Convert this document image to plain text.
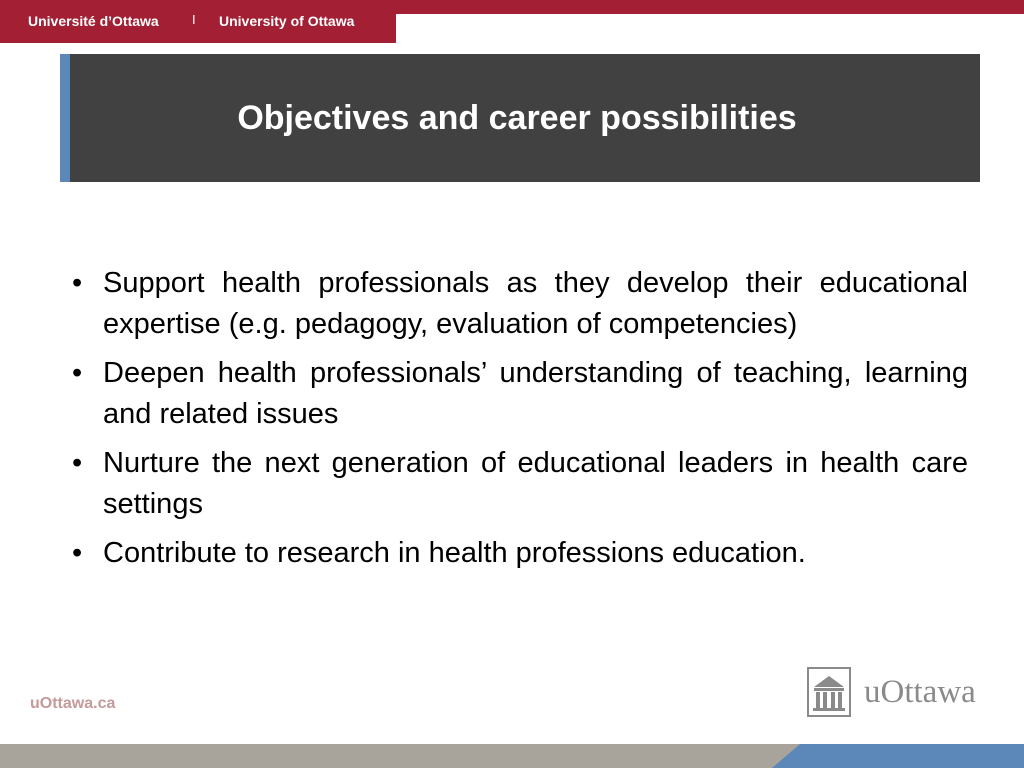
Université d’Ottawa	I University of Ottawa
Objectives and career possibilities
• Support health professionals as they develop their educational expertise (e.g. pedagogy, evaluation of competencies)
• Deepen health professionals’ understanding of teaching, learning and related issues
• Nurture the next generation of educational leaders in health care settings
• Contribute to research in health professions education.
uOttawa.ca	uOttawa
